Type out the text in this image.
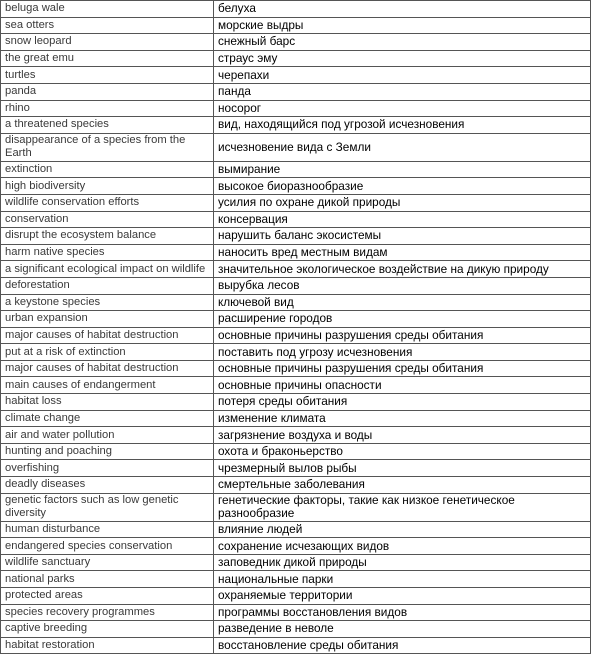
beluga wale	белуха
sea otters	морские выдры
snow leopard	снежный барс
the great emu	страус эму
turtles	черепахи
panda	панда
rhino	носорог
a threatened species	вид, находящийся под угрозой исчезновения
disappearance of a species from the Earth	исчезновение вида с Земли
extinction	вымирание
high biodiversity	высокое биоразнообразие
wildlife conservation efforts	усилия по охране дикой природы
conservation	консервация
disrupt the ecosystem balance	нарушить баланс экосистемы
harm native species	наносить вред местным видам
a significant ecological impact on wildlife	значительное экологическое воздействие на дикую природу
deforestation	вырубка лесов
a keystone species	ключевой вид
urban expansion	расширение городов
major causes of habitat destruction	основные причины разрушения среды обитания
put at a risk of extinction	поставить под угрозу исчезновения
major causes of habitat destruction	основные причины разрушения среды обитания
main causes of endangerment	основные причины опасности
habitat loss	потеря среды обитания
climate change	изменение климата
air and water pollution	загрязнение воздуха и воды
hunting and poaching	охота и браконьерство
overfishing	чрезмерный вылов рыбы
deadly diseases	смертельные заболевания
genetic factors such as low genetic diversity	генетические факторы, такие как низкое генетическое разнообразие
human disturbance	влияние людей
endangered species conservation	сохранение исчезающих видов
wildlife sanctuary	заповедник дикой природы
national parks	национальные парки
protected areas	охраняемые территории
species recovery programmes	программы восстановления видов
captive breeding	разведение в неволе
habitat restoration	восстановление среды обитания
